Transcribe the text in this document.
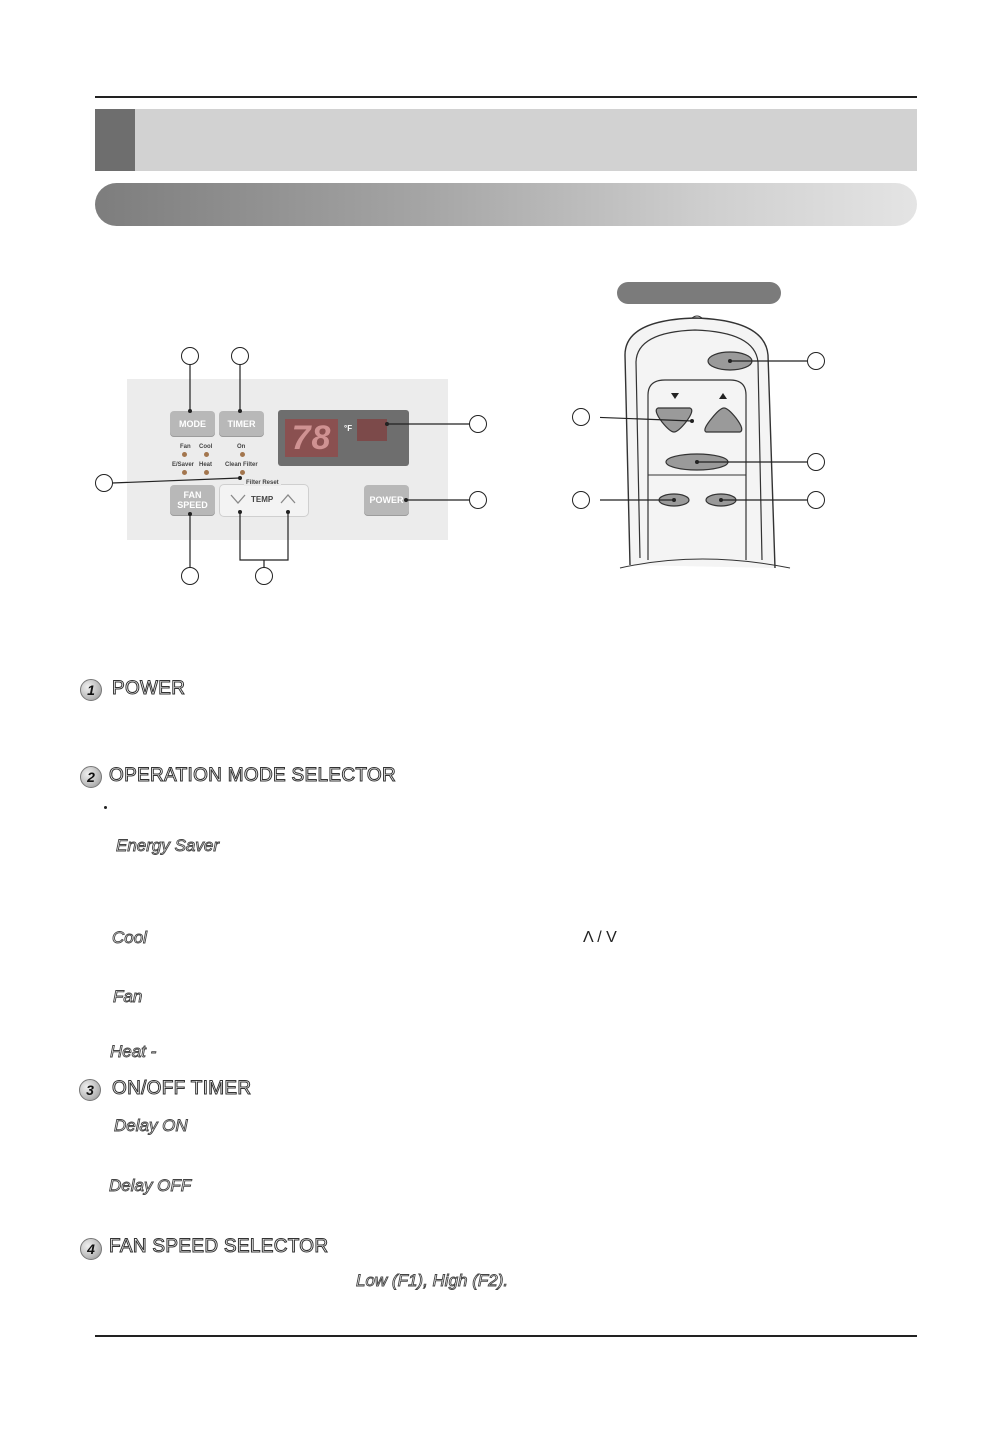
MODE	TIMER
FAN
SPEED	POWER
Fan Cool
E/Saver Heat
On
Clean Filter
Filter Reset
TEMP
78	°F
1 POWER
2 OPERATION MODE SELECTOR
Energy Saver
Cool	Λ / V
Fan
Heat -
3 ON/OFF TIMER
Delay ON
Delay OFF
4 FAN SPEED SELECTOR
Low (F1), High (F2).
